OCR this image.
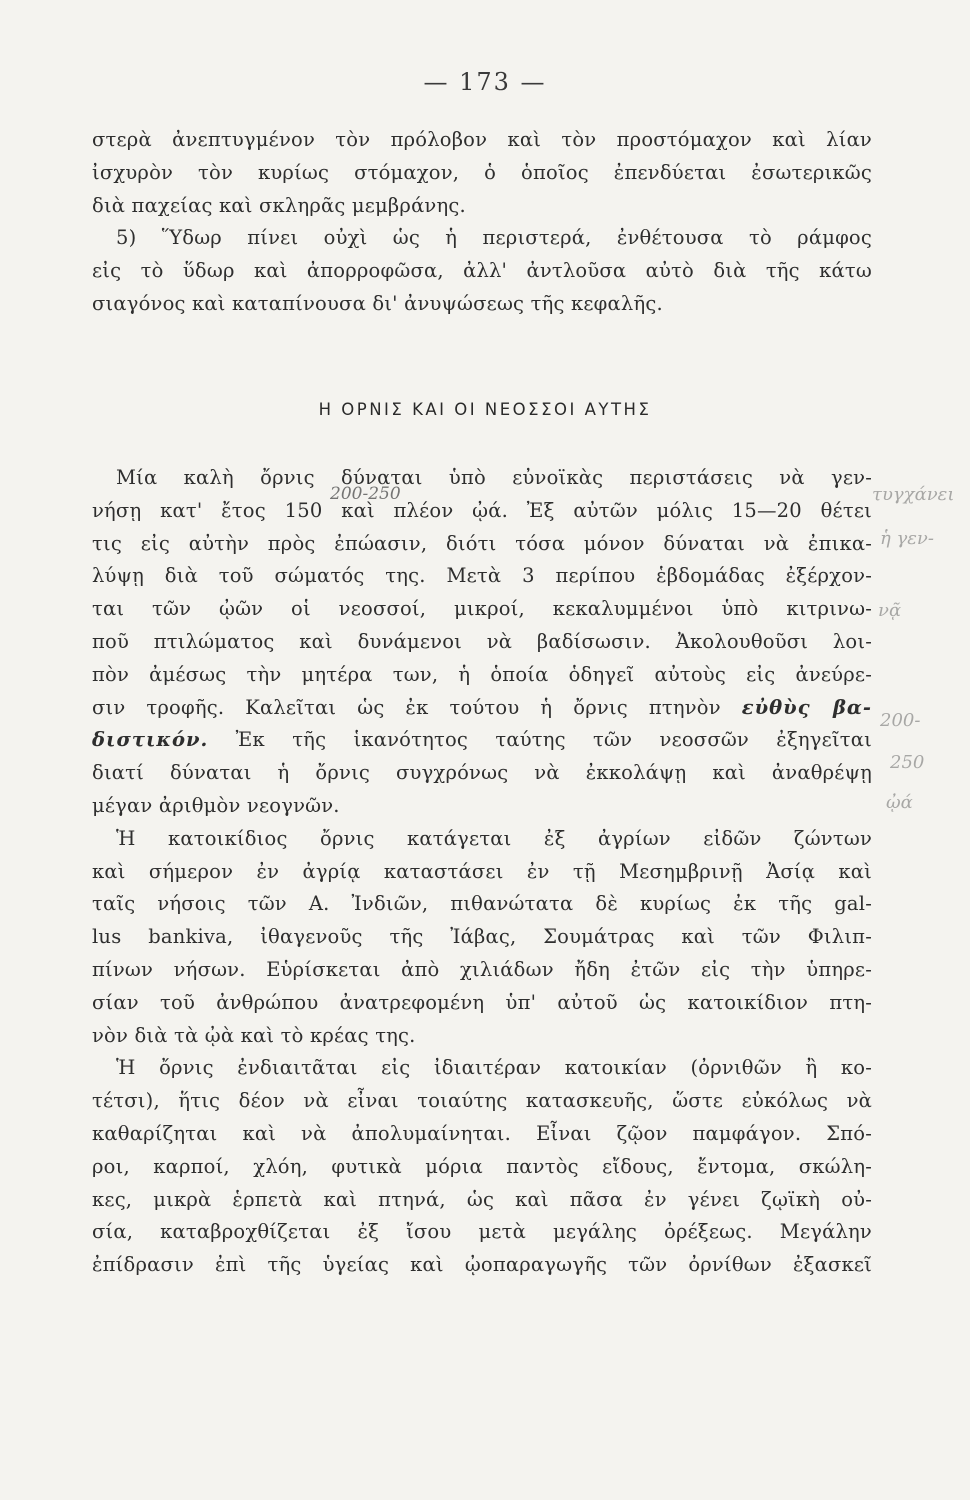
— 173 —
στερὰ ἀνεπτυγμένον τὸν πρόλοβον καὶ τὸν προστόμαχον καὶ λίαν
ἰσχυρὸν τὸν κυρίως στόμαχον, ὁ ὁποῖος ἐπενδύεται ἐσωτερικῶς
διὰ παχείας καὶ σκληρᾶς μεμβράνης.
5) Ὕδωρ πίνει οὐχὶ ὡς ἡ περιστερά, ἐνθέτουσα τὸ ράμφος
εἰς τὸ ὕδωρ καὶ ἀπορροφῶσα, ἀλλ' ἀντλοῦσα αὐτὸ διὰ τῆς κάτω
σιαγόνος καὶ καταπίνουσα δι' ἀνυψώσεως τῆς κεφαλῆς.
Η ΟΡΝΙΣ ΚΑΙ ΟΙ ΝΕΟΣΣΟΙ ΑΥΤΗΣ
Μία καλὴ ὄρνις δύναται ὑπὸ εὐνοϊκὰς περιστάσεις νὰ γεν-
νήσῃ κατ' ἔτος 150 καὶ πλέον ᾠά. Ἐξ αὐτῶν μόλις 15—20 θέτει
τις εἰς αὐτὴν πρὸς ἐπώασιν, διότι τόσα μόνον δύναται νὰ ἐπικα-
λύψῃ διὰ τοῦ σώματός της. Μετὰ 3 περίπου ἑβδομάδας ἐξέρχον-
ται τῶν ᾠῶν οἱ νεοσσοί, μικροί, κεκαλυμμένοι ὑπὸ κιτρινω-
ποῦ πτιλώματος καὶ δυνάμενοι νὰ βαδίσωσιν. Ἀκολουθοῦσι λοι-
πὸν ἀμέσως τὴν μητέρα των, ἡ ὁποία ὁδηγεῖ αὐτοὺς εἰς ἀνεύρε-
σιν τροφῆς. Καλεῖται ὡς ἐκ τούτου ἡ ὄρνις πτηνὸν εὐθὺς βα-
διστικόν. Ἐκ τῆς ἱκανότητος ταύτης τῶν νεοσσῶν ἐξηγεῖται
διατί δύναται ἡ ὄρνις συγχρόνως νὰ ἐκκολάψῃ καὶ ἀναθρέψῃ
μέγαν ἀριθμὸν νεογνῶν.
Ἡ κατοικίδιος ὄρνις κατάγεται ἐξ ἀγρίων εἰδῶν ζώντων
καὶ σήμερον ἐν ἀγρίᾳ καταστάσει ἐν τῇ Μεσημβρινῇ Ἀσίᾳ καὶ
ταῖς νήσοις τῶν Α. Ἰνδιῶν, πιθανώτατα δὲ κυρίως ἐκ τῆς gal-
lus bankiva, ἰθαγενοῦς τῆς Ἰάβας, Σουμάτρας καὶ τῶν Φιλιπ-
πίνων νήσων. Εὑρίσκεται ἀπὸ χιλιάδων ἤδη ἐτῶν εἰς τὴν ὑπηρε-
σίαν τοῦ ἀνθρώπου ἀνατρεφομένη ὑπ' αὐτοῦ ὡς κατοικίδιον πτη-
νὸν διὰ τὰ ᾠὰ καὶ τὸ κρέας της.
Ἡ ὄρνις ἐνδιαιτᾶται εἰς ἰδιαιτέραν κατοικίαν (ὀρνιθῶν ἢ κο-
τέτσι), ἥτις δέον νὰ εἶναι τοιαύτης κατασκευῆς, ὥστε εὐκόλως νὰ
καθαρίζηται καὶ νὰ ἀπολυμαίνηται. Εἶναι ζῷον παμφάγον. Σπό-
ροι, καρποί, χλόη, φυτικὰ μόρια παντὸς εἴδους, ἔντομα, σκώλη-
κες, μικρὰ ἑρπετὰ καὶ πτηνά, ὡς καὶ πᾶσα ἐν γένει ζῳϊκὴ οὐ-
σία, καταβροχθίζεται ἐξ ἴσου μετὰ μεγάλης ὀρέξεως. Μεγάλην
ἐπίδρασιν ἐπὶ τῆς ὑγείας καὶ ᾠοπαραγωγῆς τῶν ὀρνίθων ἐξασκεῖ
200-250	τυγχάνει
ἡ γεν-
νᾷ
200-
250
ᾠά
